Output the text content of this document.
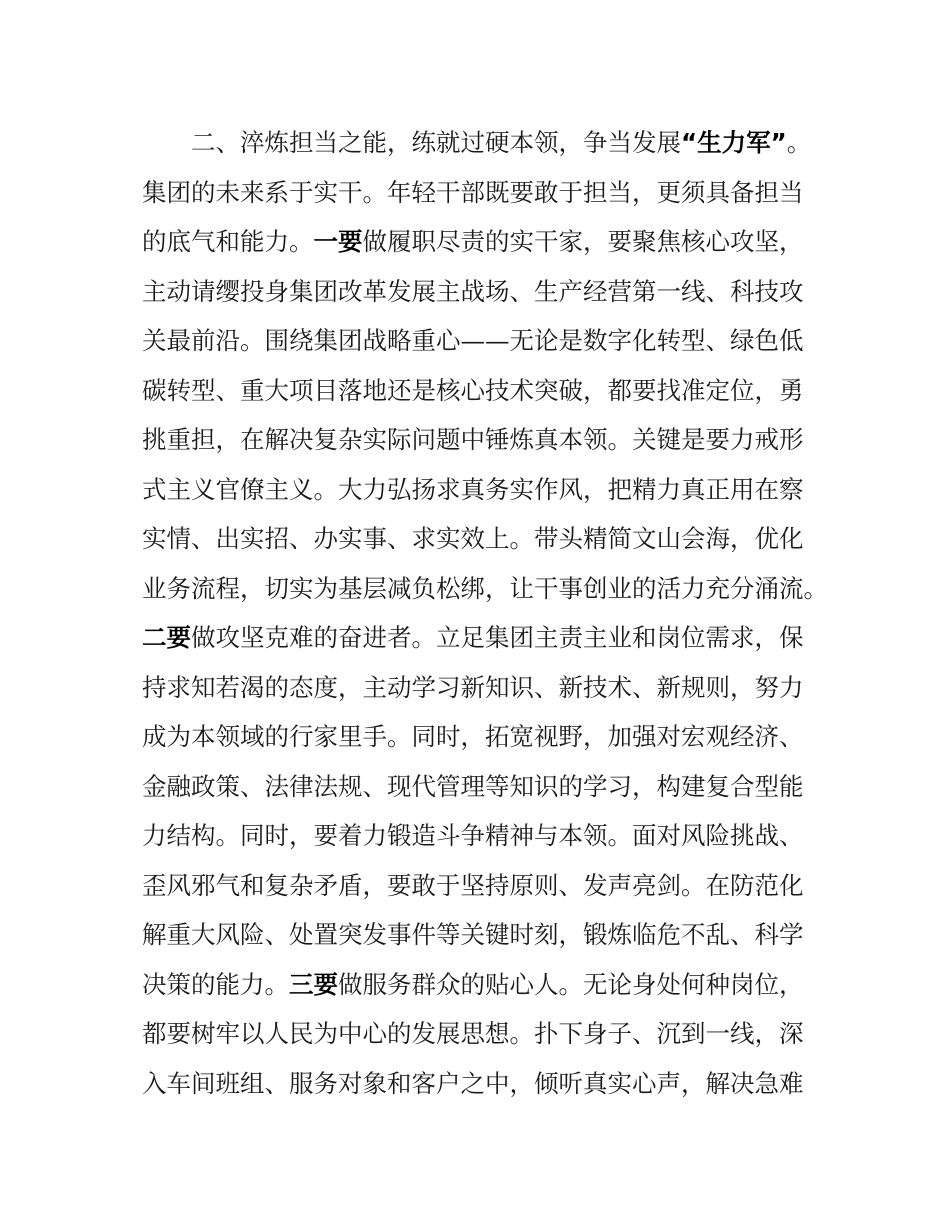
二、淬炼担当之能，练就过硬本领，争当发展“生力军”。
集团的未来系于实干。年轻干部既要敢于担当，更须具备担当
的底气和能力。一要做履职尽责的实干家，要聚焦核心攻坚，
主动请缨投身集团改革发展主战场、生产经营第一线、科技攻
关最前沿。围绕集团战略重心——无论是数字化转型、绿色低
碳转型、重大项目落地还是核心技术突破，都要找准定位，勇
挑重担，在解决复杂实际问题中锤炼真本领。关键是要力戒形
式主义官僚主义。大力弘扬求真务实作风，把精力真正用在察
实情、出实招、办实事、求实效上。带头精简文山会海，优化
业务流程，切实为基层减负松绑，让干事创业的活力充分涌流。
二要做攻坚克难的奋进者。立足集团主责主业和岗位需求，保
持求知若渴的态度，主动学习新知识、新技术、新规则，努力
成为本领域的行家里手。同时，拓宽视野，加强对宏观经济、
金融政策、法律法规、现代管理等知识的学习，构建复合型能
力结构。同时，要着力锻造斗争精神与本领。面对风险挑战、
歪风邪气和复杂矛盾，要敢于坚持原则、发声亮剑。在防范化
解重大风险、处置突发事件等关键时刻，锻炼临危不乱、科学
决策的能力。三要做服务群众的贴心人。无论身处何种岗位，
都要树牢以人民为中心的发展思想。扑下身子、沉到一线，深
入车间班组、服务对象和客户之中，倾听真实心声，解决急难
